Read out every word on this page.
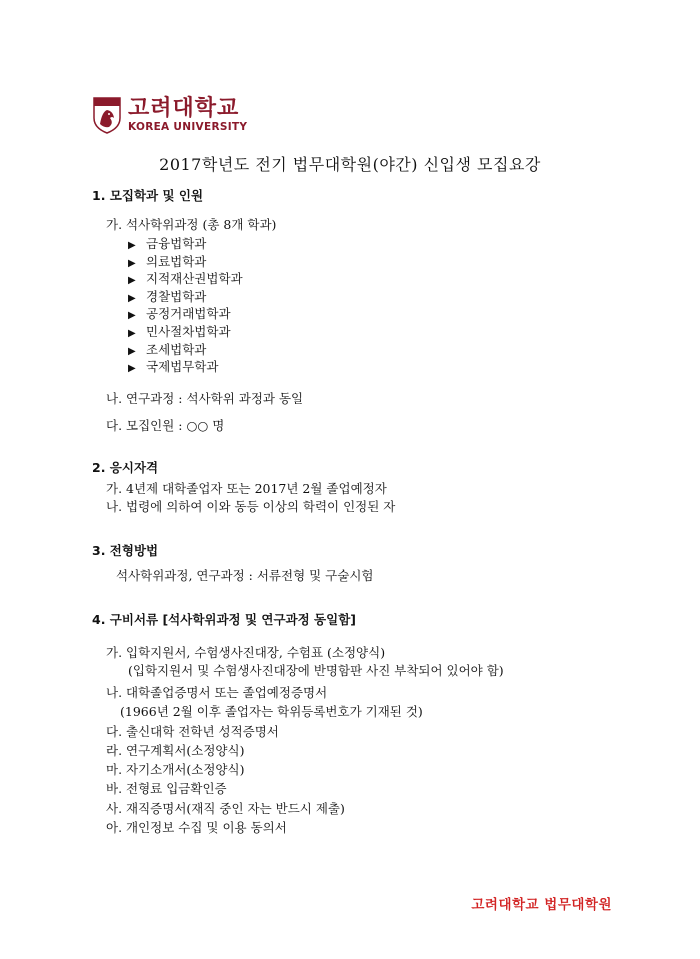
고려대학교
KOREA UNIVERSITY
2017학년도 전기 법무대학원(야간) 신입생 모집요강
1. 모집학과 및 인원
가. 석사학위과정 (총 8개 학과)
▶ 금융법학과
▶ 의료법학과
▶ 지적재산권법학과
▶ 경찰법학과
▶ 공정거래법학과
▶ 민사절차법학과
▶ 조세법학과
▶ 국제법무학과
나. 연구과정 : 석사학위 과정과 동일
다. 모집인원 : ○○ 명
2. 응시자격
가. 4년제 대학졸업자 또는 2017년 2월 졸업예정자
나. 법령에 의하여 이와 동등 이상의 학력이 인정된 자
3. 전형방법
석사학위과정, 연구과정 : 서류전형 및 구술시험
4. 구비서류 [석사학위과정 및 연구과정 동일함]
가. 입학지원서, 수험생사진대장, 수험표 (소정양식)
(입학지원서 및 수험생사진대장에 반명함판 사진 부착되어 있어야 함)
나. 대학졸업증명서 또는 졸업예정증명서
(1966년 2월 이후 졸업자는 학위등록번호가 기재된 것)
다. 출신대학 전학년 성적증명서
라. 연구계획서(소정양식)
마. 자기소개서(소정양식)
바. 전형료 입금확인증
사. 재직증명서(재직 중인 자는 반드시 제출)
아. 개인정보 수집 및 이용 동의서
고려대학교 법무대학원
